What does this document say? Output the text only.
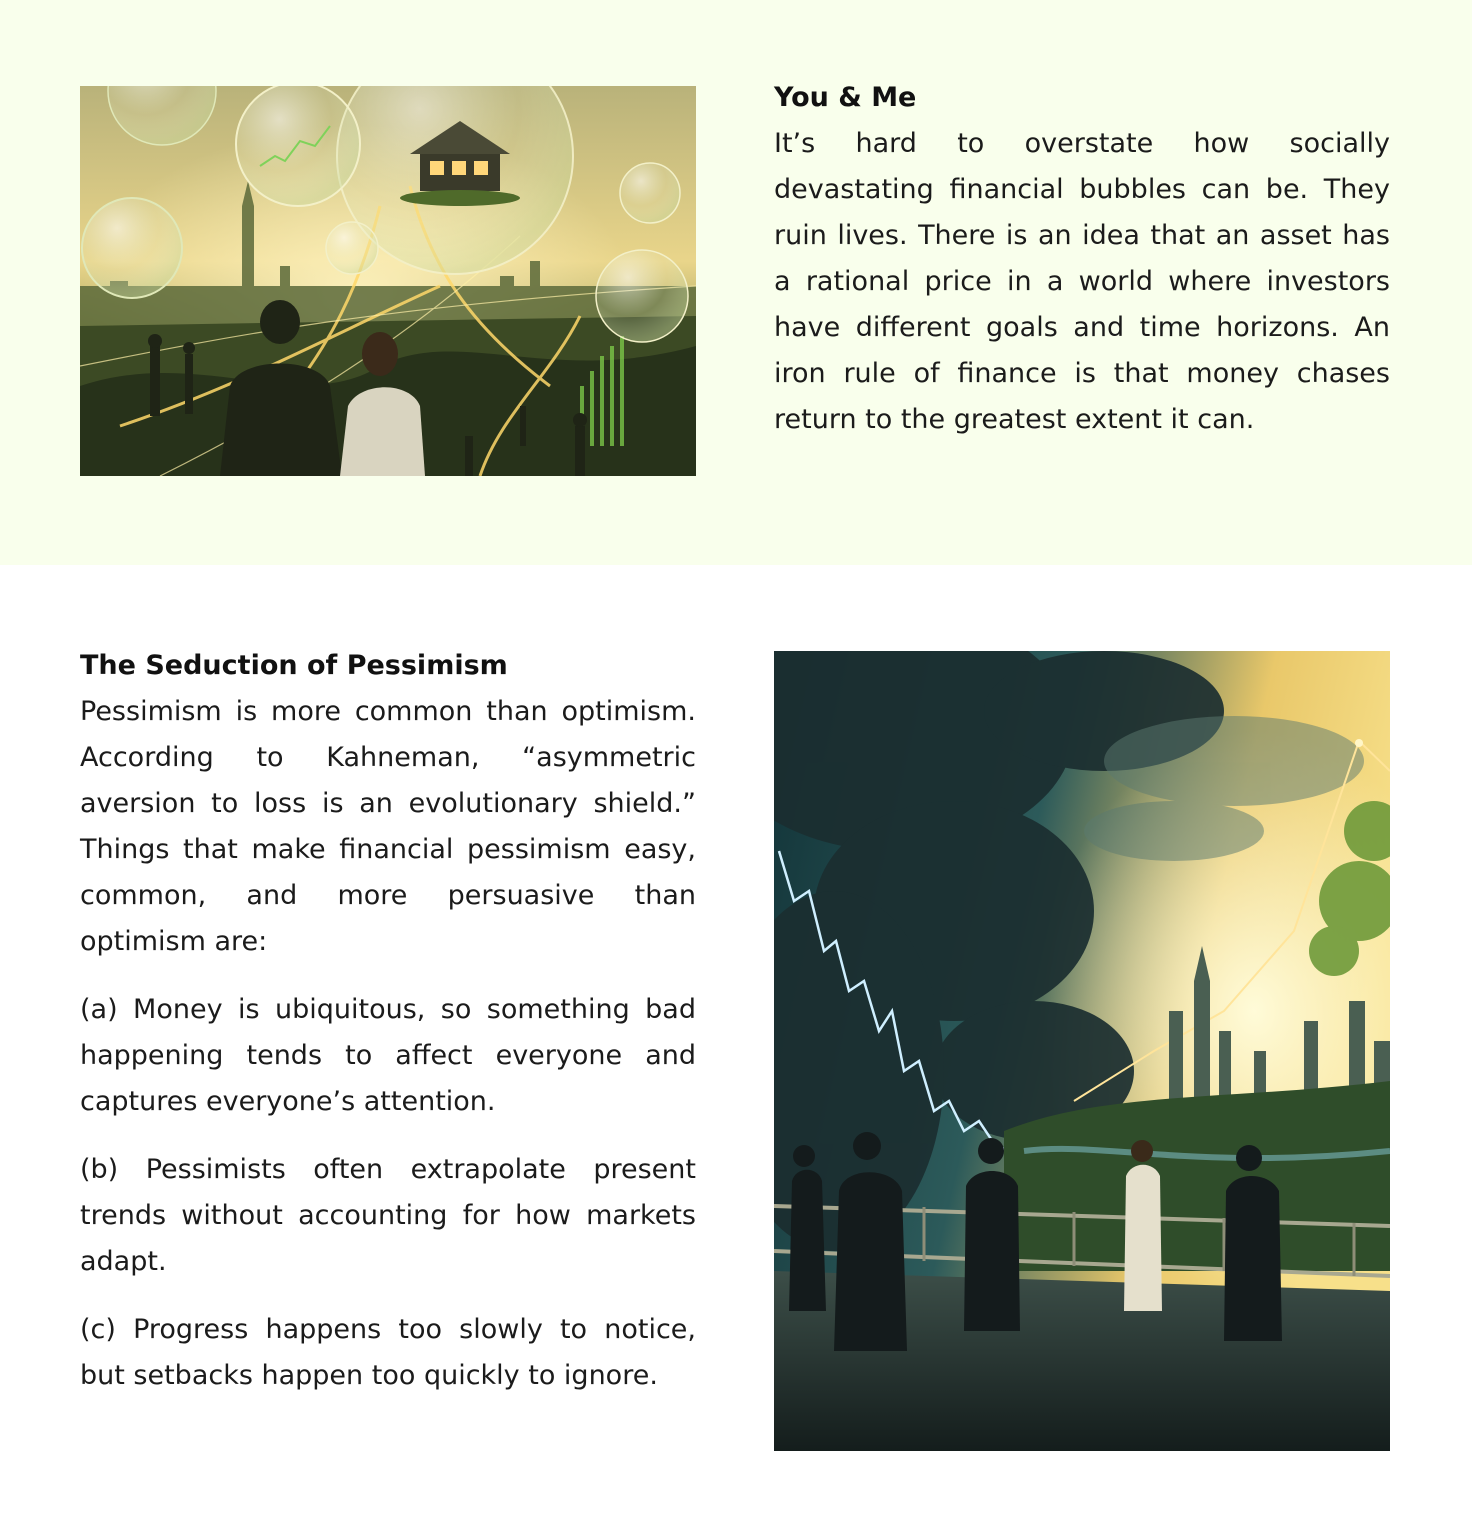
You & Me

It’s hard to overstate how socially devastating financial bubbles can be. They ruin lives. There is an idea that an asset has a rational price in a world where investors have different goals and time horizons. An iron rule of finance is that money chases return to the greatest extent it can.

The Seduction of Pessimism

Pessimism is more common than optimism. According to Kahneman, “asymmetric aversion to loss is an evolutionary shield.” Things that make financial pessimism easy, common, and more persuasive than optimism are:

(a) Money is ubiquitous, so something bad happening tends to affect everyone and captures everyone’s attention.

(b) Pessimists often extrapolate present trends without accounting for how markets adapt.

(c) Progress happens too slowly to notice, but setbacks happen too quickly to ignore.
